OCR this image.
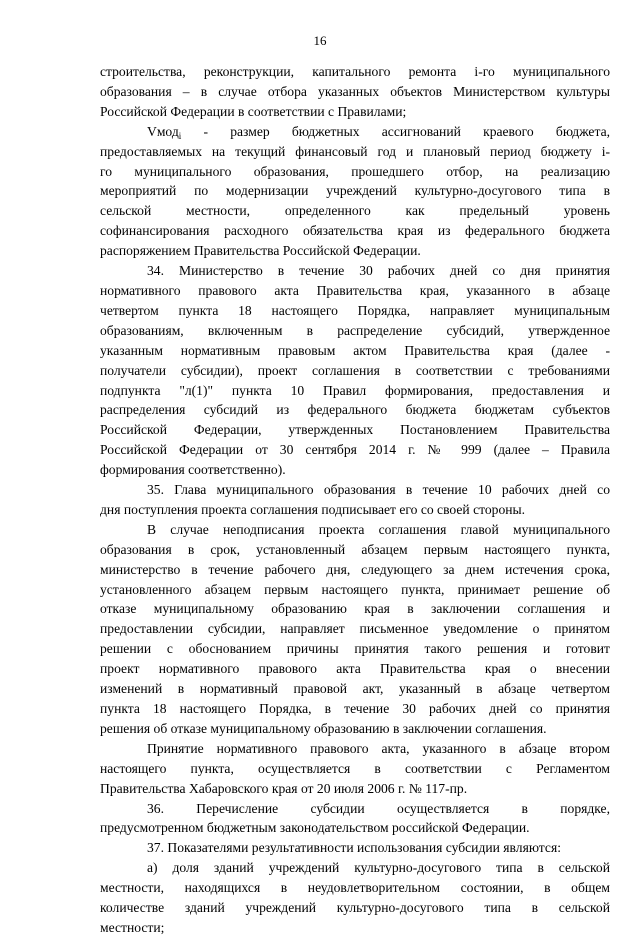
16
строительства, реконструкции, капитального ремонта i-го муниципального
образования – в случае отбора указанных объектов Министерством культуры
Российской Федерации в соответствии с Правилами;
Vмод$_i$ - размер бюджетных ассигнований краевого бюджета,
предоставляемых на текущий финансовый год и плановый период бюджету i-
го муниципального образования, прошедшего отбор, на реализацию
мероприятий по модернизации учреждений культурно-досугового типа в
сельской местности, определенного как предельный уровень
софинансирования расходного обязательства края из федерального бюджета
распоряжением Правительства Российской Федерации.
34. Министерство в течение 30 рабочих дней со дня принятия
нормативного правового акта Правительства края, указанного в абзаце
четвертом пункта 18 настоящего Порядка, направляет муниципальным
образованиям, включенным в распределение субсидий, утвержденное
указанным нормативным правовым актом Правительства края (далее -
получатели субсидии), проект соглашения в соответствии с требованиями
подпункта "л(1)" пункта 10 Правил формирования, предоставления и
распределения субсидий из федерального бюджета бюджетам субъектов
Российской Федерации, утвержденных Постановлением Правительства
Российской Федерации от 30 сентября 2014 г. № 999 (далее – Правила
формирования соответственно).
35. Глава муниципального образования в течение 10 рабочих дней со
дня поступления проекта соглашения подписывает его со своей стороны.
В случае неподписания проекта соглашения главой муниципального
образования в срок, установленный абзацем первым настоящего пункта,
министерство в течение рабочего дня, следующего за днем истечения срока,
установленного абзацем первым настоящего пункта, принимает решение об
отказе муниципальному образованию края в заключении соглашения и
предоставлении субсидии, направляет письменное уведомление о принятом
решении с обоснованием причины принятия такого решения и готовит
проект нормативного правового акта Правительства края о внесении
изменений в нормативный правовой акт, указанный в абзаце четвертом
пункта 18 настоящего Порядка, в течение 30 рабочих дней со принятия
решения об отказе муниципальному образованию в заключении соглашения.
Принятие нормативного правового акта, указанного в абзаце втором
настоящего пункта, осуществляется в соответствии с Регламентом
Правительства Хабаровского края от 20 июля 2006 г. № 117-пр.
36. Перечисление субсидии осуществляется в порядке,
предусмотренном бюджетным законодательством российской Федерации.
37. Показателями результативности использования субсидии являются:
а) доля зданий учреждений культурно-досугового типа в сельской
местности, находящихся в неудовлетворительном состоянии, в общем
количестве зданий учреждений культурно-досугового типа в сельской
местности;
